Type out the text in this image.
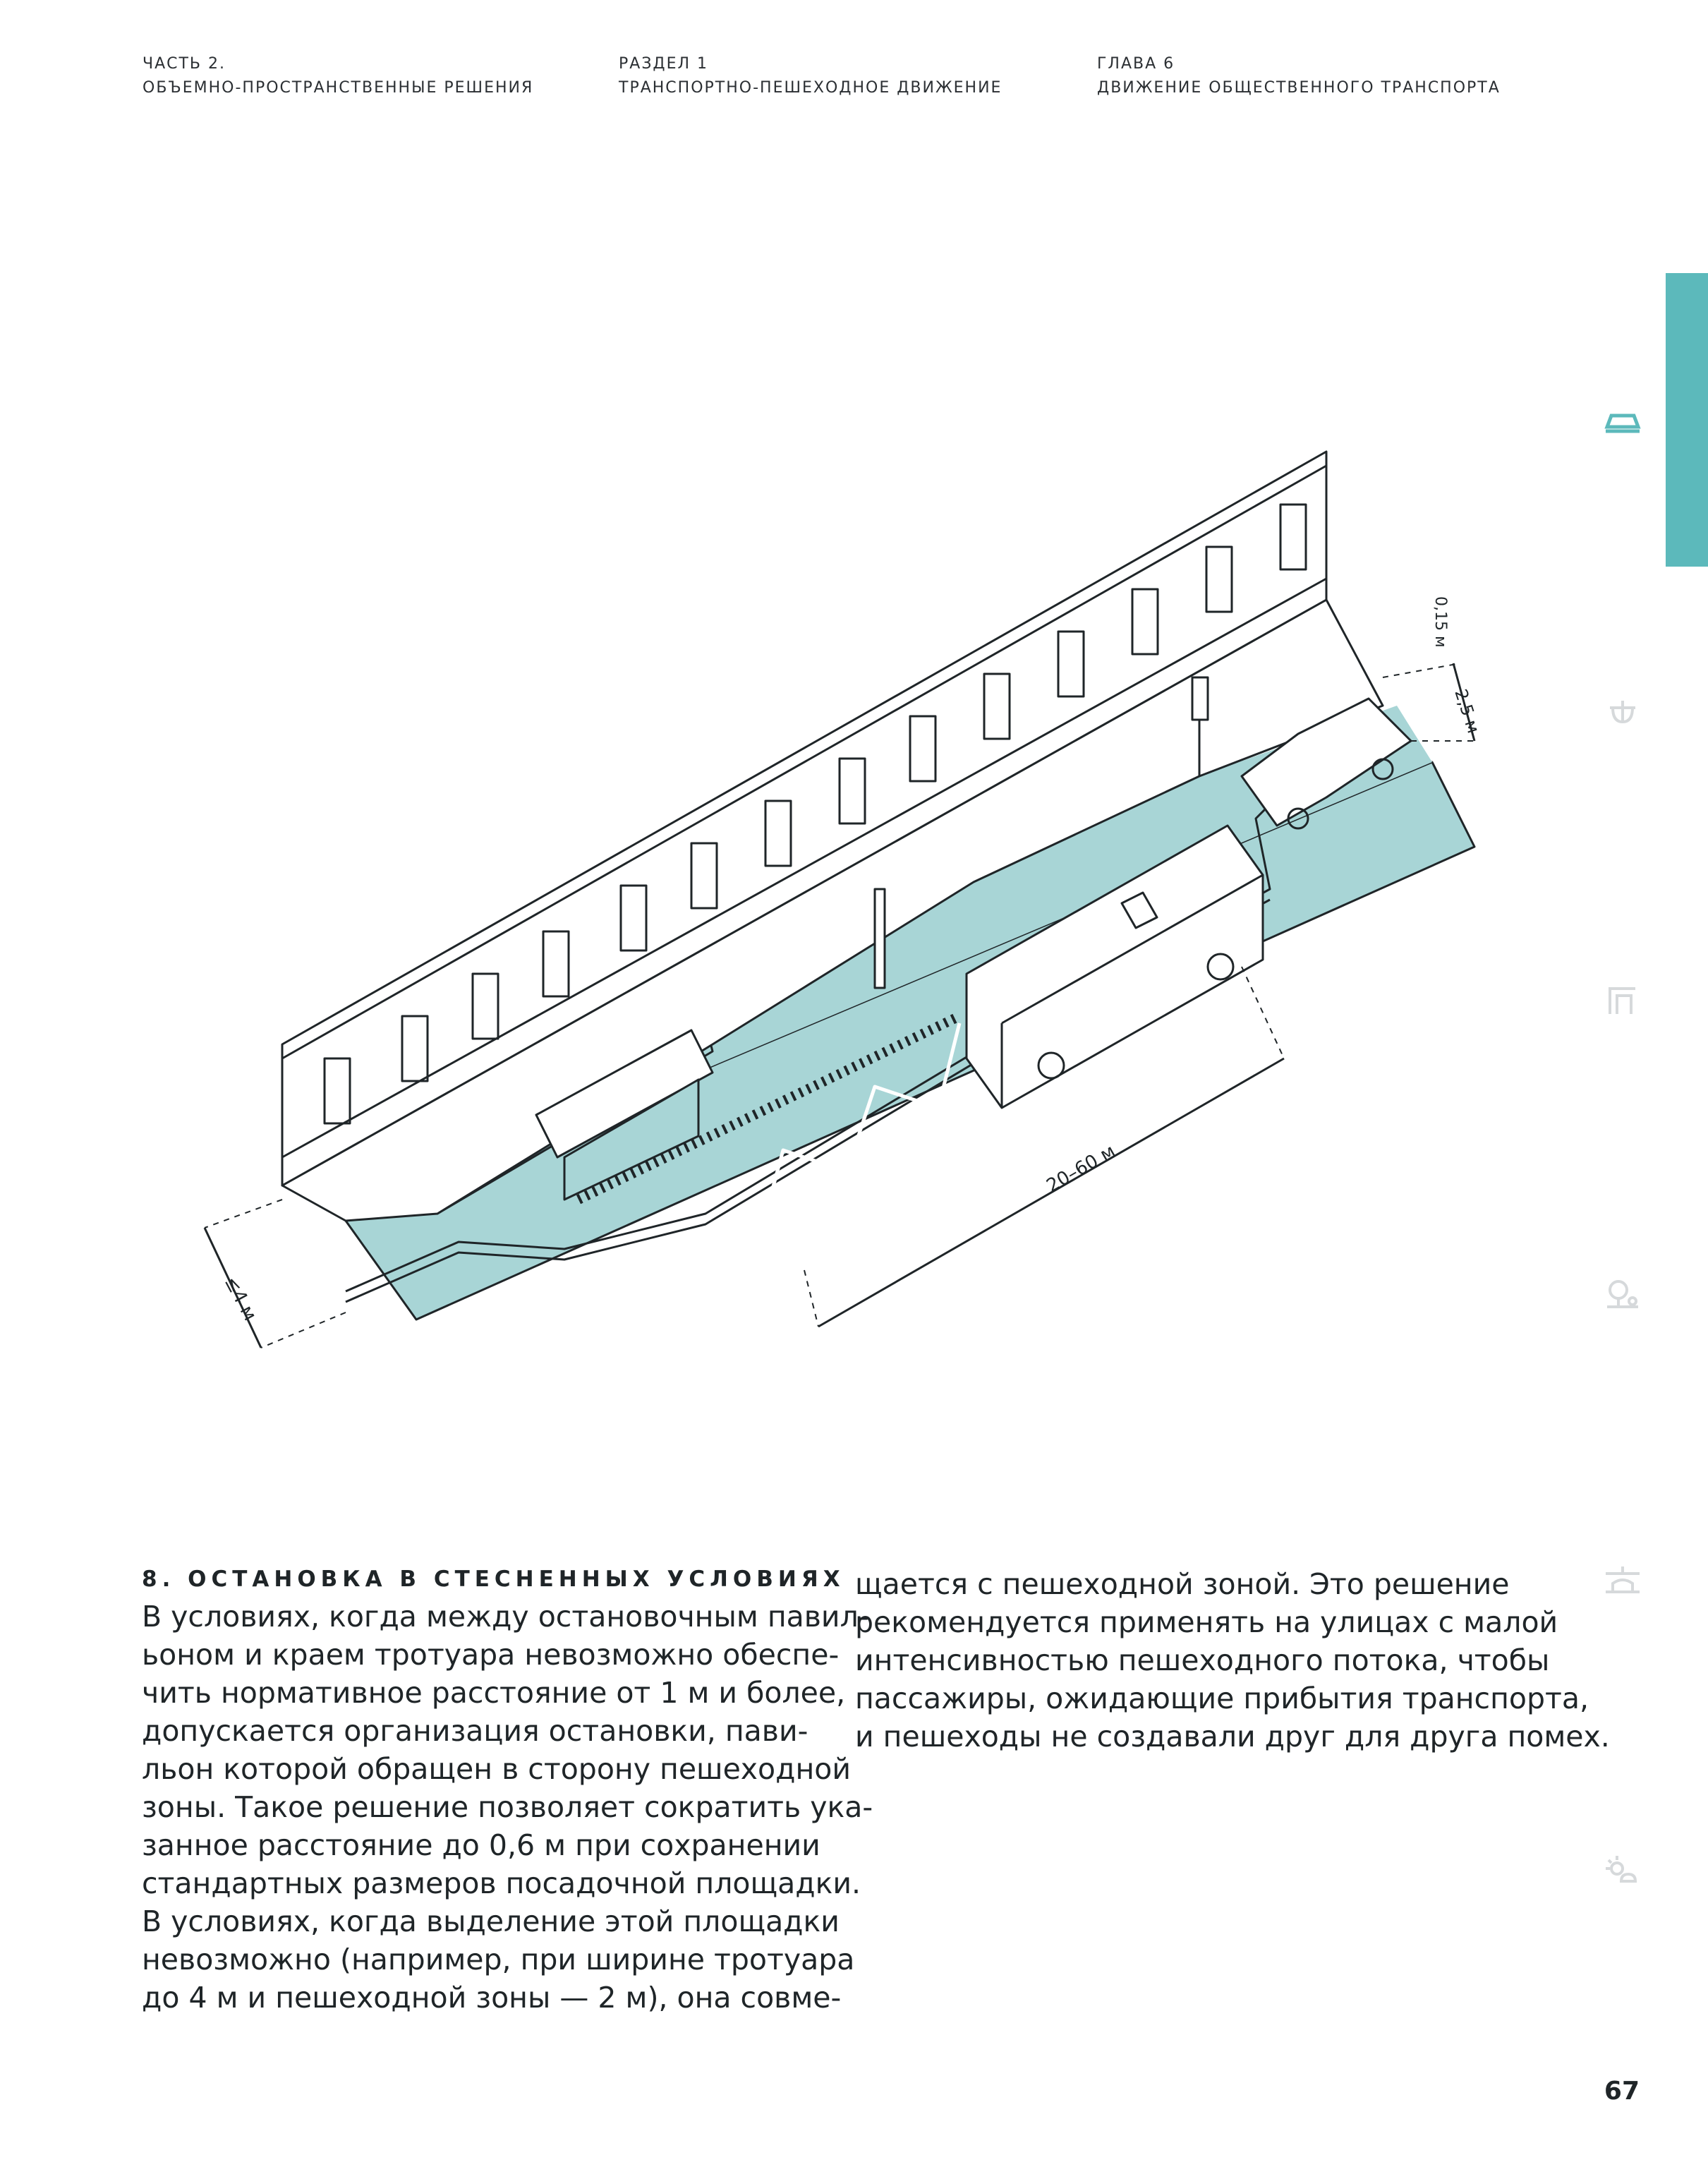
ЧАСТЬ 2.
ОБЪЕМНО-ПРОСТРАНСТВЕННЫЕ РЕШЕНИЯ
РАЗДЕЛ 1
ТРАНСПОРТНО-ПЕШЕХОДНОЕ ДВИЖЕНИЕ
ГЛАВА 6
ДВИЖЕНИЕ ОБЩЕСТВЕННОГО ТРАНСПОРТА
20–60 м
≤4 м
0,15 м
2,5 м

8. ОСТАНОВКА В СТЕСНЕННЫХ УСЛОВИЯХ

В условиях, когда между остановочным павил-

ьоном и краем тротуара невозможно обеспе-

чить нормативное расстояние от 1 м и более,

допускается организация остановки, пави-

льон которой обращен в сторону пешеходной

зоны. Такое решение позволяет сократить ука-

занное расстояние до 0,6 м при сохранении

стандартных размеров посадочной площадки.

В условиях, когда выделение этой площадки

невозможно (например, при ширине тротуара

до 4 м и пешеходной зоны — 2 м), она совме-

щается с пешеходной зоной. Это решение

рекомендуется применять на улицах с малой

интенсивностью пешеходного потока, чтобы

пассажиры, ожидающие прибытия транспорта,

и пешеходы не создавали друг для друга помех.

67
